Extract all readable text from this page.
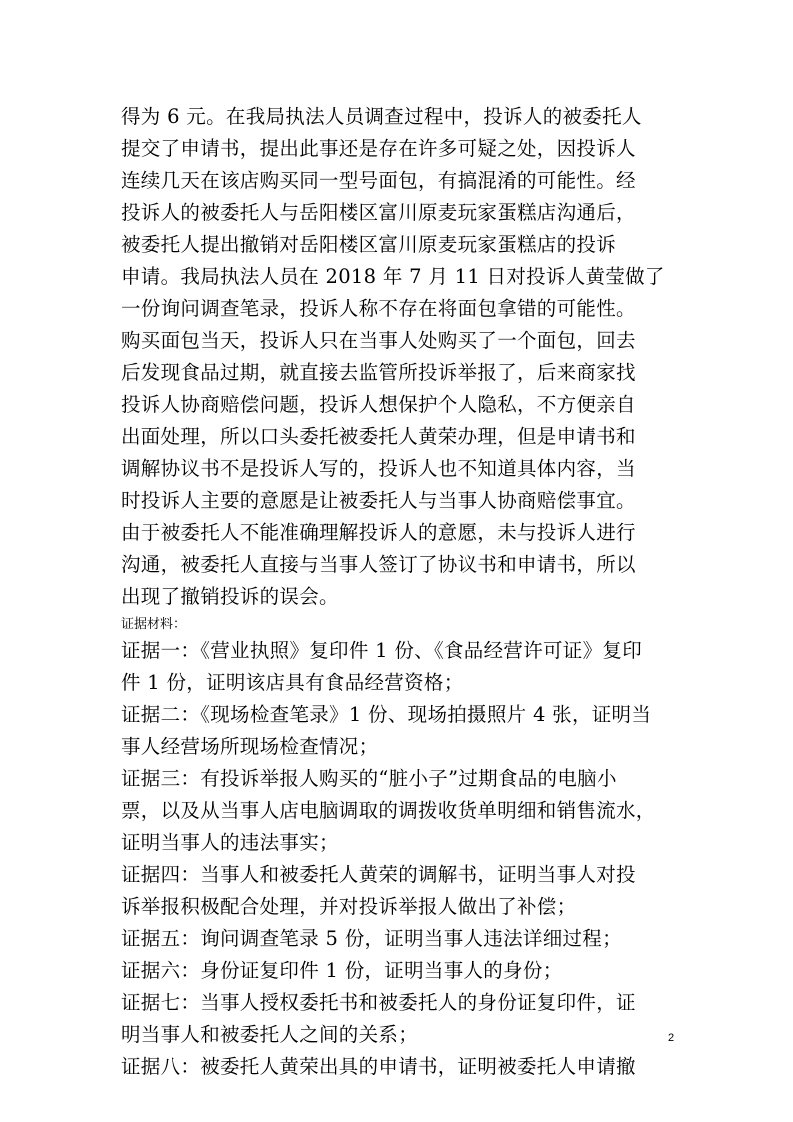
得为 6 元。在我局执法人员调查过程中，投诉人的被委托人
提交了申请书，提出此事还是存在许多可疑之处，因投诉人
连续几天在该店购买同一型号面包，有搞混淆的可能性。经
投诉人的被委托人与岳阳楼区富川原麦玩家蛋糕店沟通后，
被委托人提出撤销对岳阳楼区富川原麦玩家蛋糕店的投诉
申请。我局执法人员在 2018 年 7 月 11 日对投诉人黄莹做了
一份询问调查笔录，投诉人称不存在将面包拿错的可能性。
购买面包当天，投诉人只在当事人处购买了一个面包，回去
后发现食品过期，就直接去监管所投诉举报了，后来商家找
投诉人协商赔偿问题，投诉人想保护个人隐私，不方便亲自
出面处理，所以口头委托被委托人黄荣办理，但是申请书和
调解协议书不是投诉人写的，投诉人也不知道具体内容，当
时投诉人主要的意愿是让被委托人与当事人协商赔偿事宜。
由于被委托人不能准确理解投诉人的意愿，未与投诉人进行
沟通，被委托人直接与当事人签订了协议书和申请书，所以
出现了撤销投诉的误会。
证据材料：
证据一：《营业执照》复印件 1 份、《食品经营许可证》复印
件 1 份，证明该店具有食品经营资格；
证据二：《现场检查笔录》1 份、现场拍摄照片 4 张，证明当
事人经营场所现场检查情况；
证据三：有投诉举报人购买的“脏小子”过期食品的电脑小
票，以及从当事人店电脑调取的调拨收货单明细和销售流水，
证明当事人的违法事实；
证据四：当事人和被委托人黄荣的调解书，证明当事人对投
诉举报积极配合处理，并对投诉举报人做出了补偿；
证据五：询问调查笔录 5 份，证明当事人违法详细过程；
证据六：身份证复印件 1 份，证明当事人的身份；
证据七：当事人授权委托书和被委托人的身份证复印件，证
明当事人和被委托人之间的关系；
证据八：被委托人黄荣出具的申请书，证明被委托人申请撤
2
